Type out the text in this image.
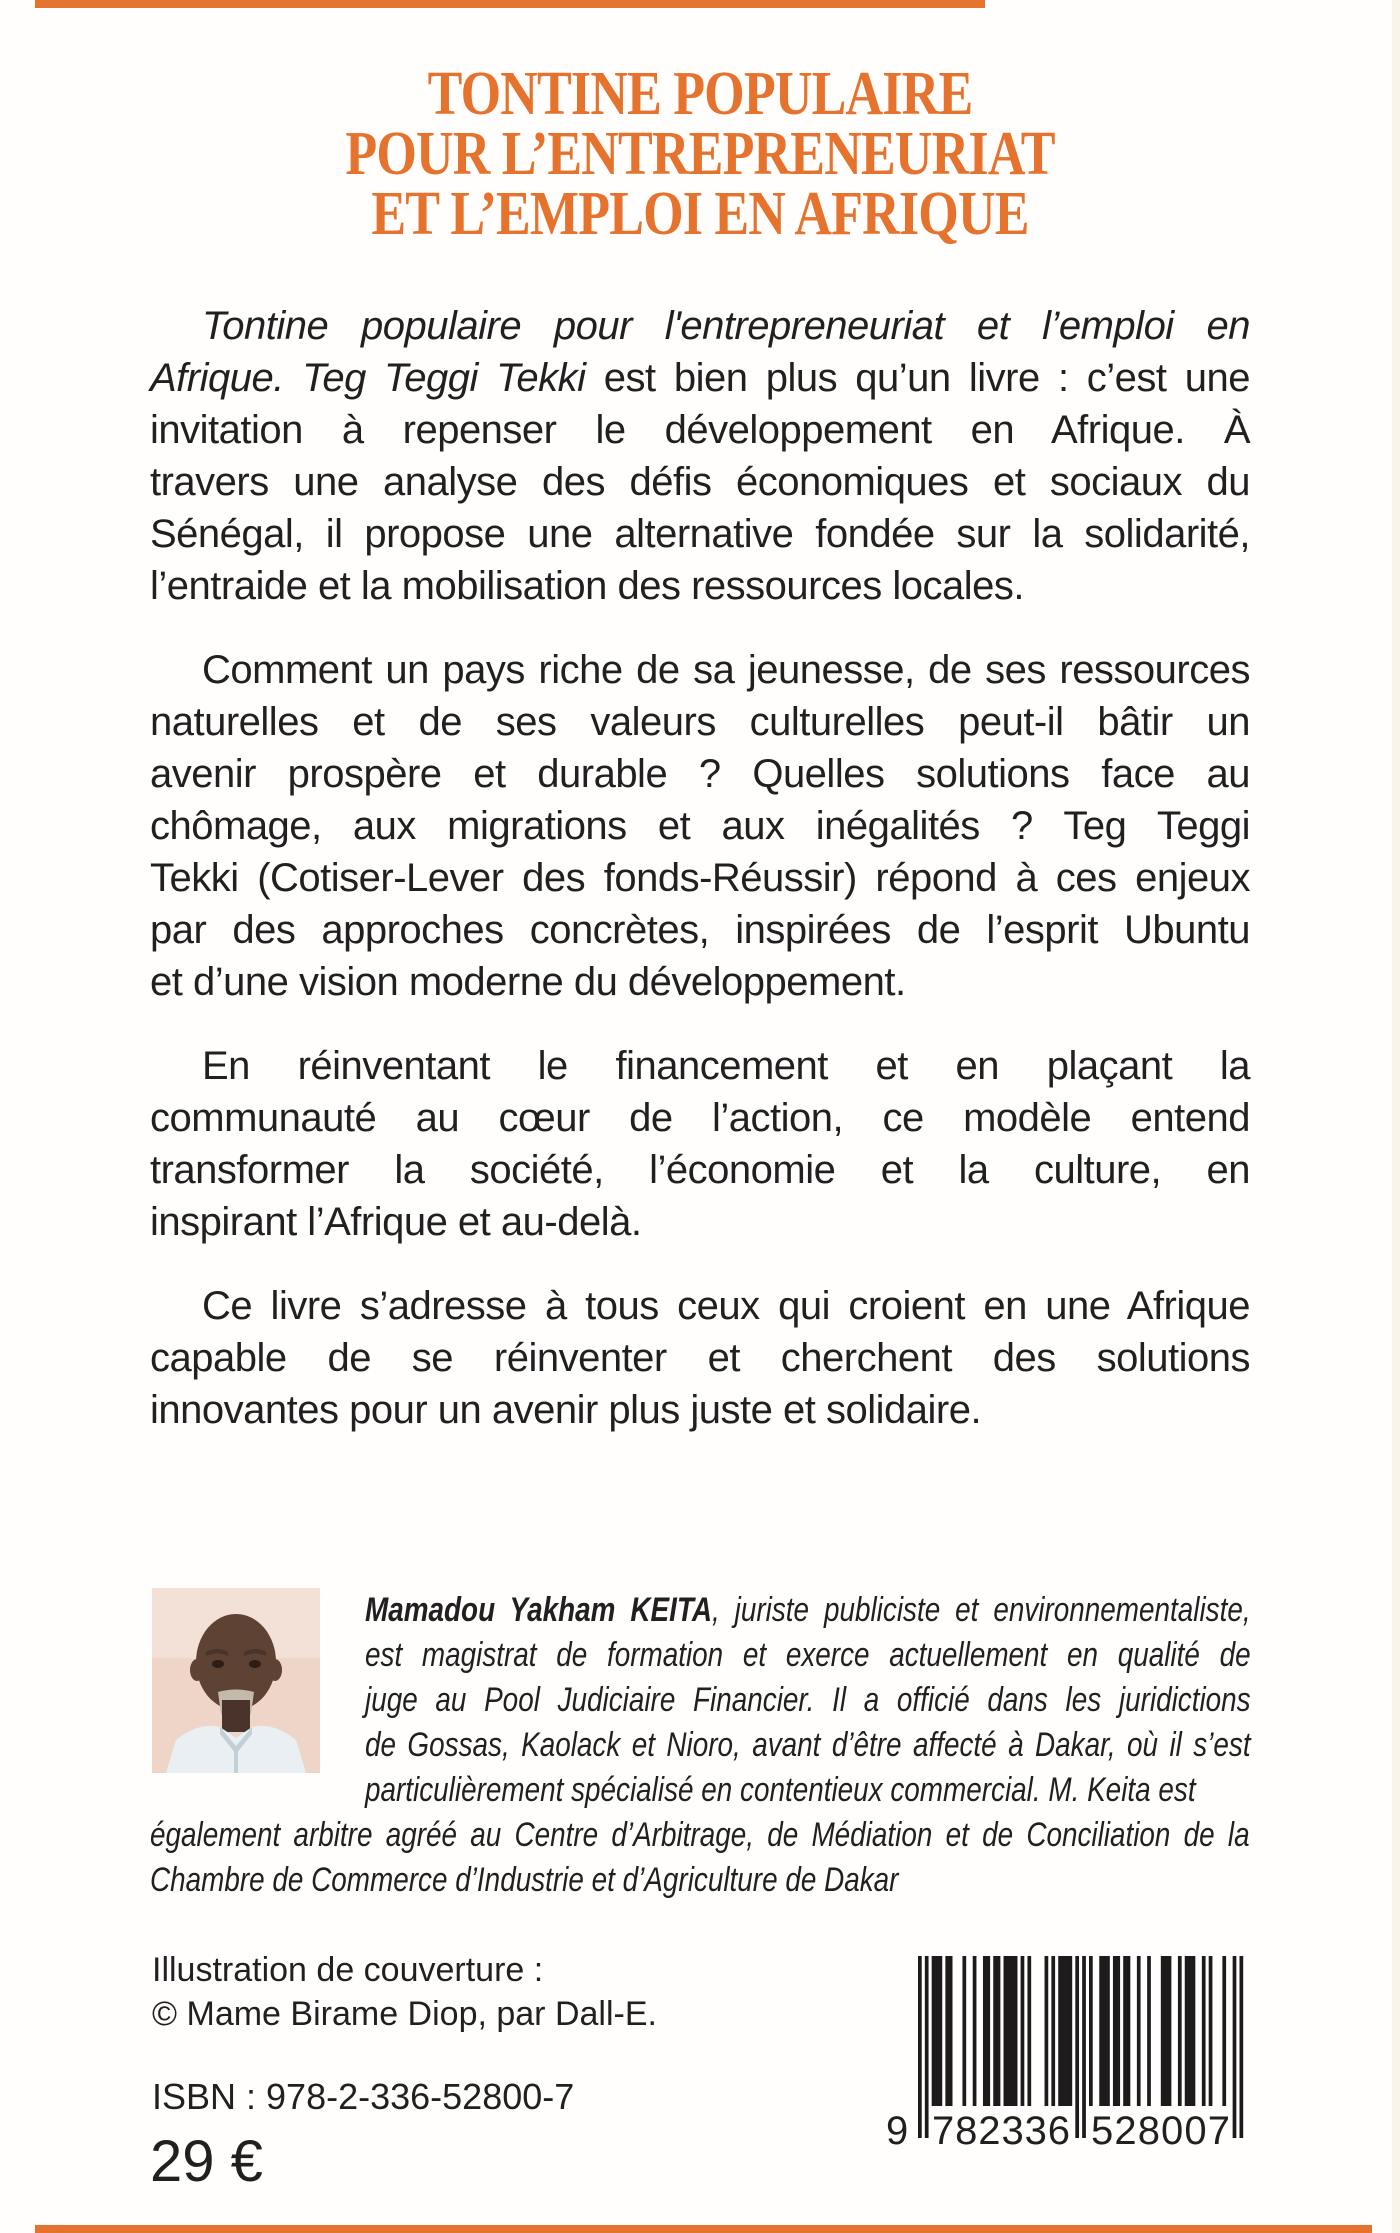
TONTINE POPULAIRE
POUR L’ENTREPRENEURIAT
ET L’EMPLOI EN AFRIQUE
Tontine populaire pour l'entrepreneuriat et l’emploi en
Afrique. Teg Teggi Tekki est bien plus qu’un livre : c’est une
invitation à repenser le développement en Afrique. À
travers une analyse des défis économiques et sociaux du
Sénégal, il propose une alternative fondée sur la solidarité,
l’entraide et la mobilisation des ressources locales.
Comment un pays riche de sa jeunesse, de ses ressources
naturelles et de ses valeurs culturelles peut-il bâtir un
avenir prospère et durable ? Quelles solutions face au
chômage, aux migrations et aux inégalités ? Teg Teggi
Tekki (Cotiser-Lever des fonds-Réussir) répond à ces enjeux
par des approches concrètes, inspirées de l’esprit Ubuntu
et d’une vision moderne du développement.
En réinventant le financement et en plaçant la
communauté au cœur de l’action, ce modèle entend
transformer la société, l’économie et la culture, en
inspirant l’Afrique et au-delà.
Ce livre s’adresse à tous ceux qui croient en une Afrique
capable de se réinventer et cherchent des solutions
innovantes pour un avenir plus juste et solidaire.
Mamadou Yakham KEITA, juriste publiciste et environnementaliste,
est magistrat de formation et exerce actuellement en qualité de
juge au Pool Judiciaire Financier. Il a officié dans les juridictions
de Gossas, Kaolack et Nioro, avant d’être affecté à Dakar, où il s’est
particulièrement spécialisé en contentieux commercial. M. Keita est
également arbitre agréé au Centre d’Arbitrage, de Médiation et de Conciliation de la
Chambre de Commerce d’Industrie et d’Agriculture de Dakar
Illustration de couverture :
© Mame Birame Diop, par Dall-E.
ISBN : 978-2-336-52800-7
29 €	9 782336 528007
